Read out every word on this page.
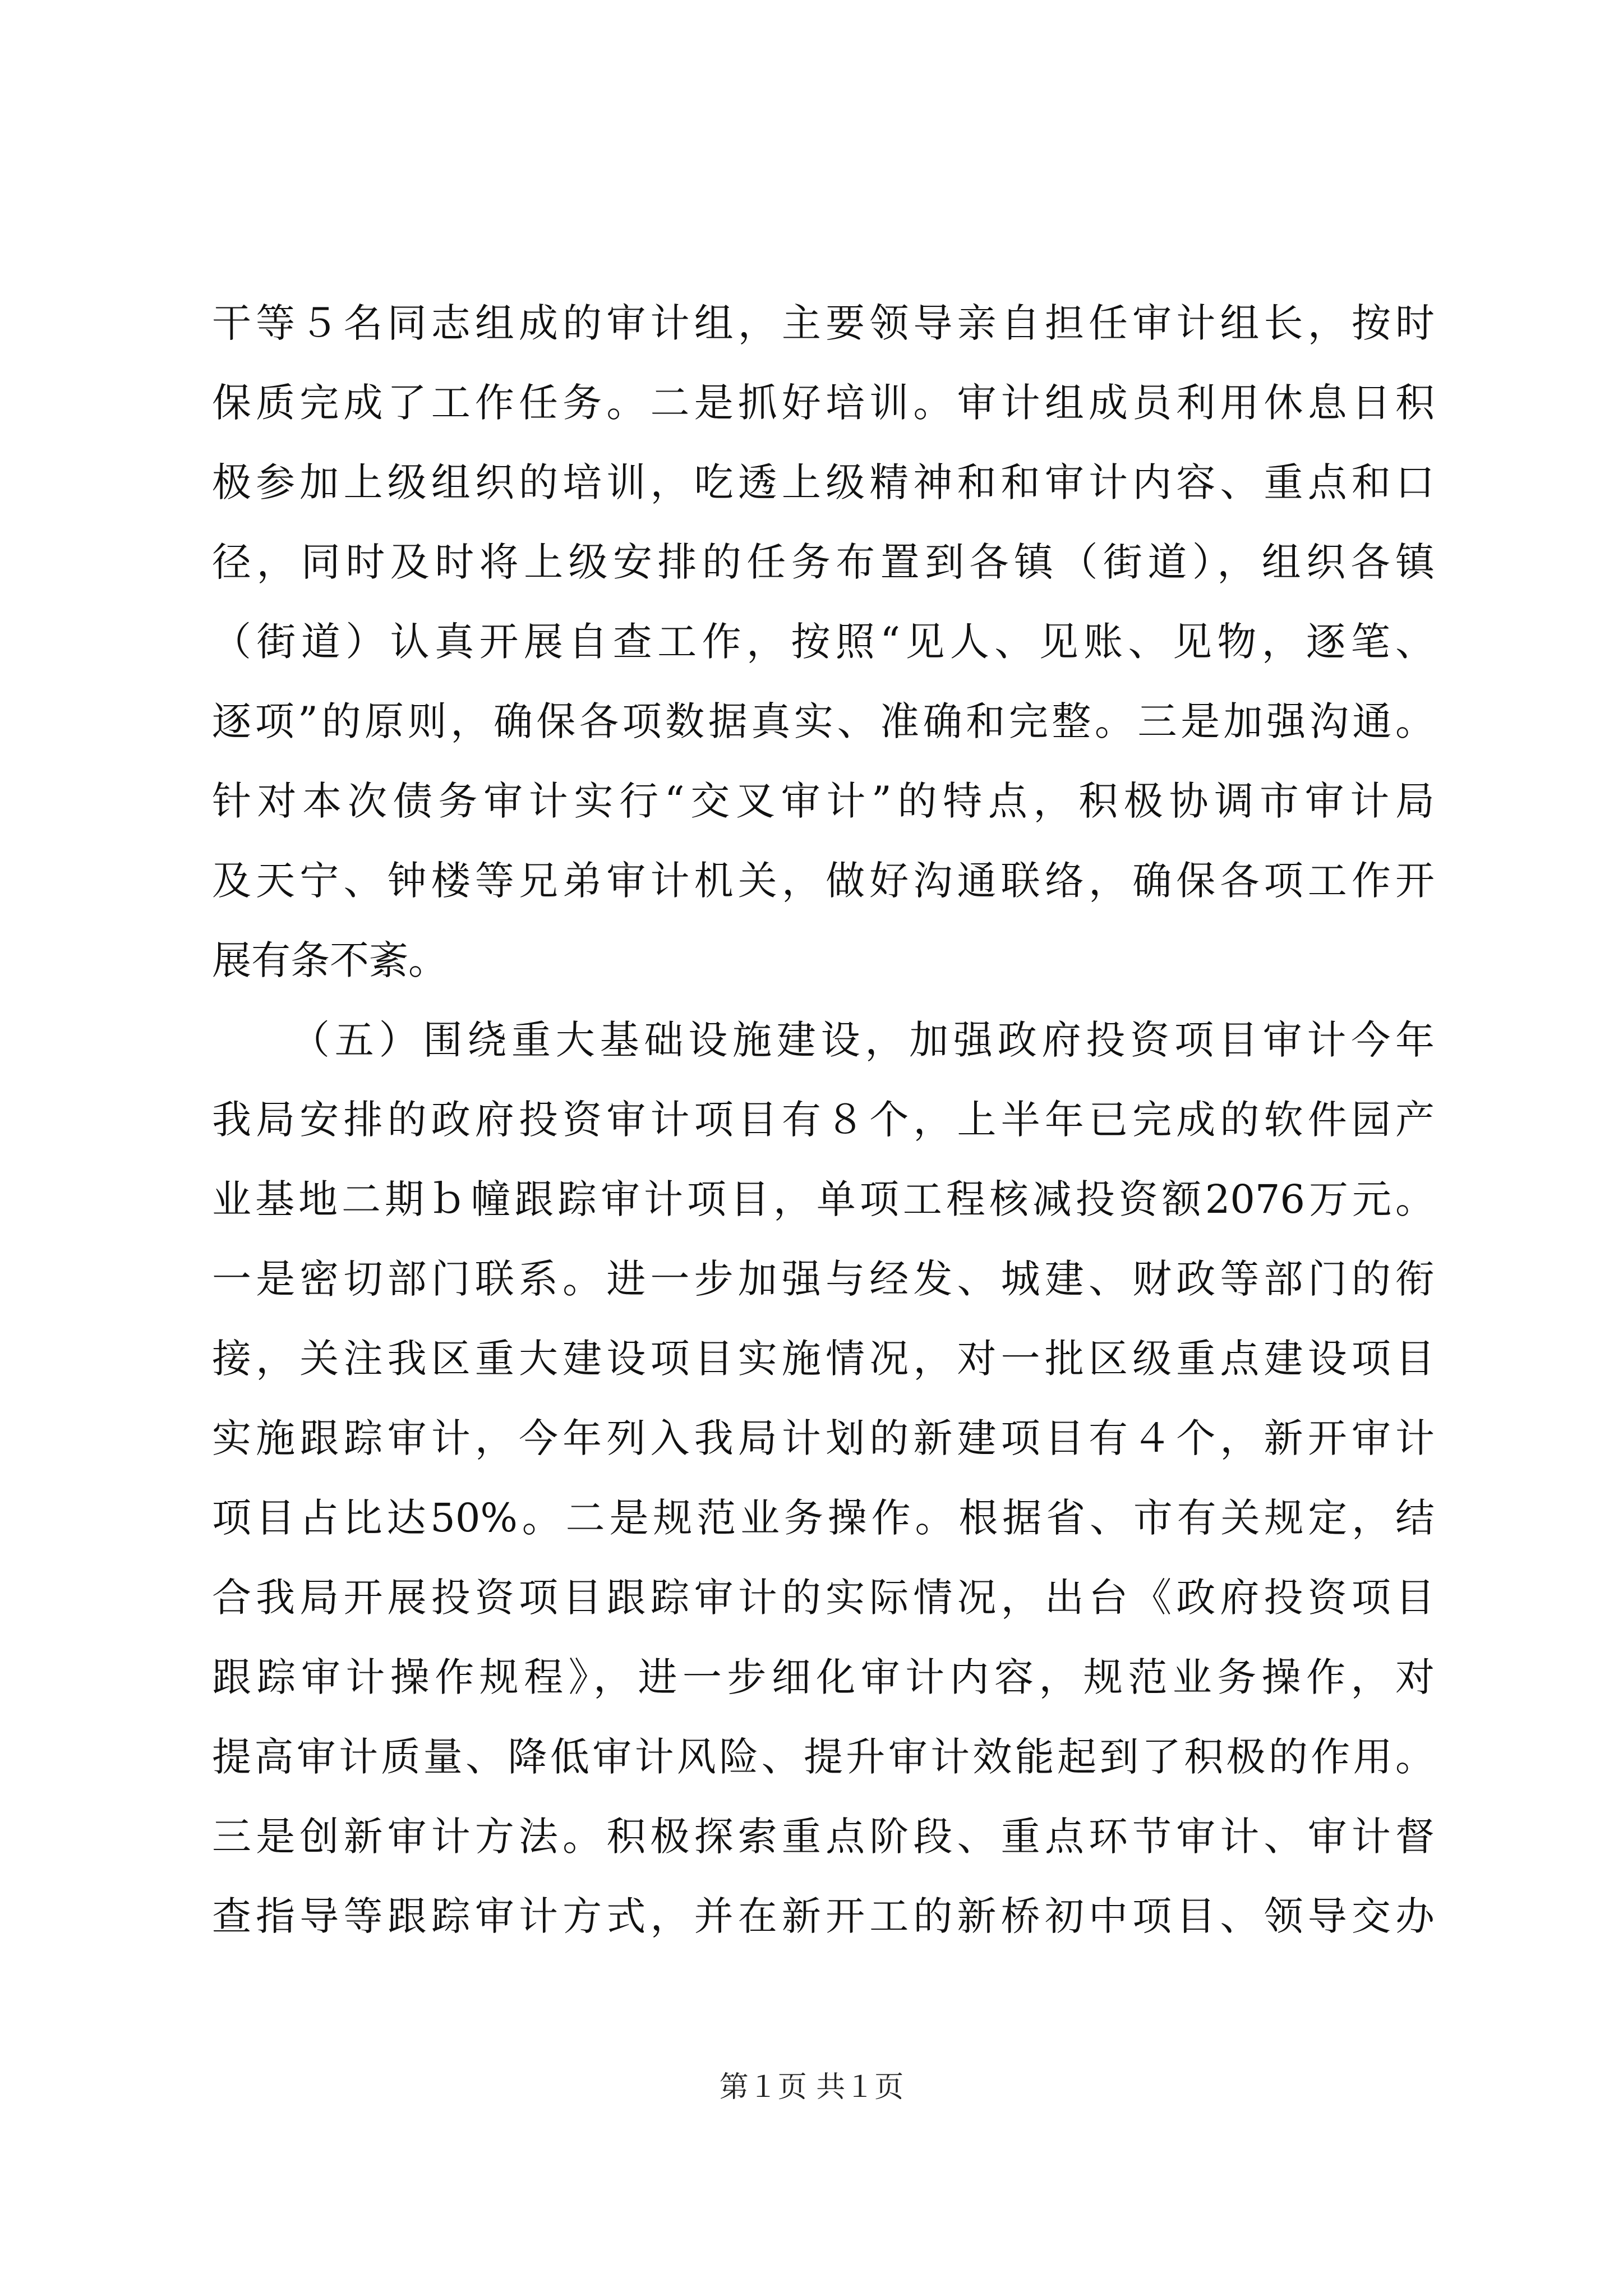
干等５名同志组成的审计组，主要领导亲自担任审计组长，按时
保质完成了工作任务。二是抓好培训。审计组成员利用休息日积
极参加上级组织的培训，吃透上级精神和和审计内容、重点和口
径，同时及时将上级安排的任务布置到各镇（街道），组织各镇
（街道）认真开展自查工作，按照“见人、见账、见物，逐笔、
逐项”的原则，确保各项数据真实、准确和完整。三是加强沟通。
针对本次债务审计实行“交叉审计”的特点，积极协调市审计局
及天宁、钟楼等兄弟审计机关，做好沟通联络，确保各项工作开
展有条不紊。
（五）围绕重大基础设施建设，加强政府投资项目审计今年
我局安排的政府投资审计项目有８个，上半年已完成的软件园产
业基地二期ｂ幢跟踪审计项目，单项工程核减投资额2076万元。
一是密切部门联系。进一步加强与经发、城建、财政等部门的衔
接，关注我区重大建设项目实施情况，对一批区级重点建设项目
实施跟踪审计，今年列入我局计划的新建项目有４个，新开审计
项目占比达50%。二是规范业务操作。根据省、市有关规定，结
合我局开展投资项目跟踪审计的实际情况，出台《政府投资项目
跟踪审计操作规程》，进一步细化审计内容，规范业务操作，对
提高审计质量、降低审计风险、提升审计效能起到了积极的作用。
三是创新审计方法。积极探索重点阶段、重点环节审计、审计督
查指导等跟踪审计方式，并在新开工的新桥初中项目、领导交办
第１页 共１页
